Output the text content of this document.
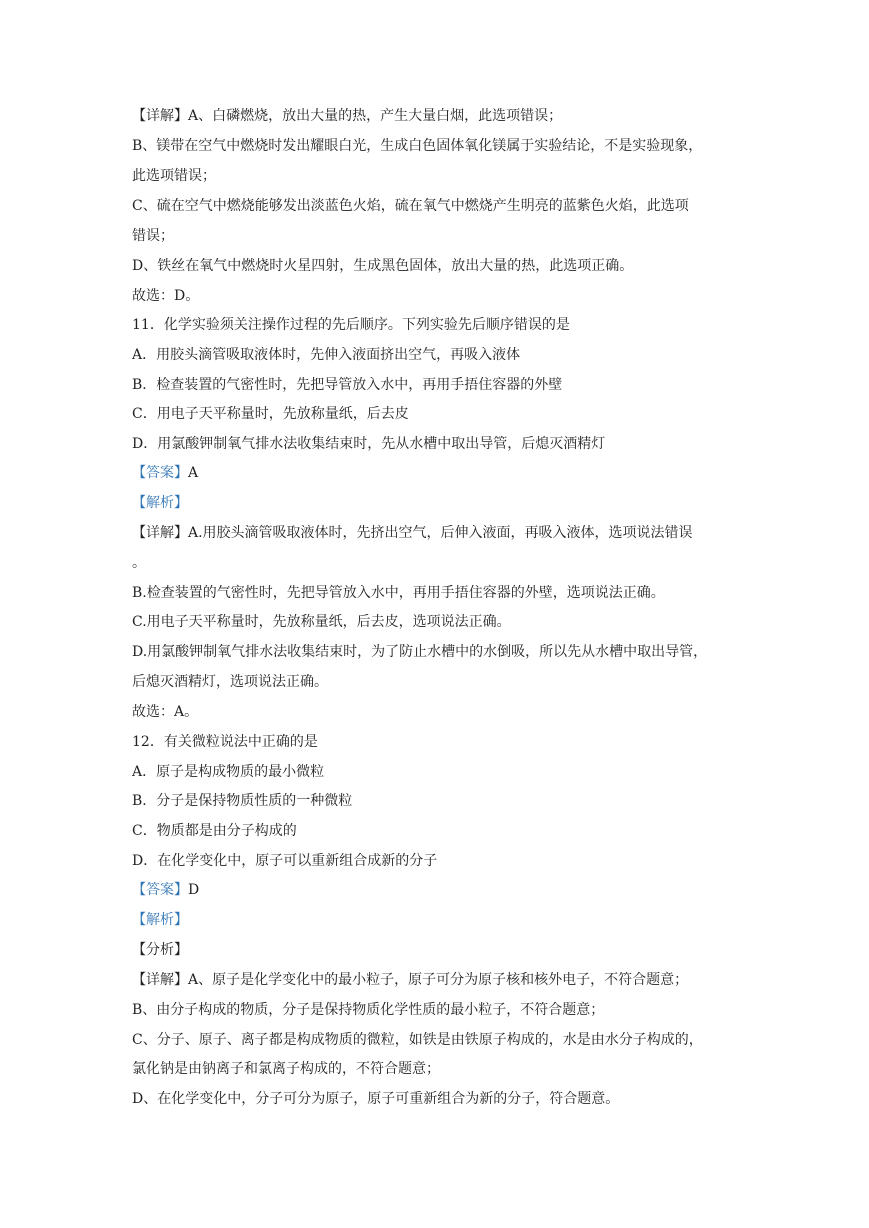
【详解】A、白磷燃烧，放出大量的热，产生大量白烟，此选项错误；
B、镁带在空气中燃烧时发出耀眼白光，生成白色固体氧化镁属于实验结论，不是实验现象，
此选项错误；
C、硫在空气中燃烧能够发出淡蓝色火焰，硫在氧气中燃烧产生明亮的蓝紫色火焰，此选项
错误；
D、铁丝在氧气中燃烧时火星四射，生成黑色固体，放出大量的热，此选项正确。
故选：D。
11．化学实验须关注操作过程的先后顺序。下列实验先后顺序错误的是
A．用胶头滴管吸取液体时，先伸入液面挤出空气，再吸入液体
B．检查装置的气密性时，先把导管放入水中，再用手捂住容器的外壁
C．用电子天平称量时，先放称量纸，后去皮
D．用氯酸钾制氧气排水法收集结束时，先从水槽中取出导管，后熄灭酒精灯
【答案】A
【解析】
【详解】A.用胶头滴管吸取液体时，先挤出空气，后伸入液面，再吸入液体，选项说法错误
。
B.检查装置的气密性时，先把导管放入水中，再用手捂住容器的外壁，选项说法正确。
C.用电子天平称量时，先放称量纸，后去皮，选项说法正确。
D.用氯酸钾制氧气排水法收集结束时，为了防止水槽中的水倒吸，所以先从水槽中取出导管，
后熄灭酒精灯，选项说法正确。
故选：A。
12．有关微粒说法中正确的是
A．原子是构成物质的最小微粒
B．分子是保持物质性质的一种微粒
C．物质都是由分子构成的
D．在化学变化中，原子可以重新组合成新的分子
【答案】D
【解析】
【分析】
【详解】A、原子是化学变化中的最小粒子，原子可分为原子核和核外电子，不符合题意；
B、由分子构成的物质，分子是保持物质化学性质的最小粒子，不符合题意；
C、分子、原子、离子都是构成物质的微粒，如铁是由铁原子构成的，水是由水分子构成的，
氯化钠是由钠离子和氯离子构成的，不符合题意；
D、在化学变化中，分子可分为原子，原子可重新组合为新的分子，符合题意。
